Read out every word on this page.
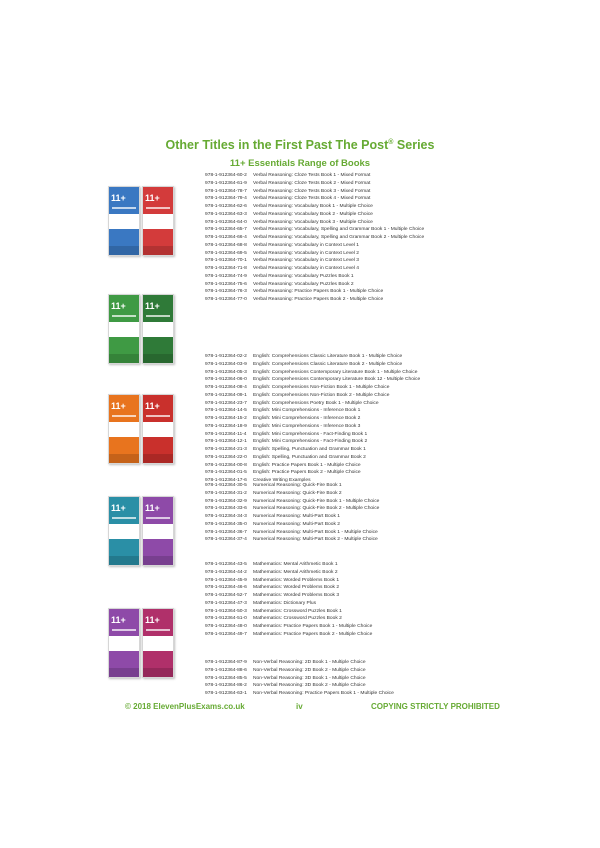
Other Titles in the First Past The Post® Series
11+ Essentials Range of Books
978-1-912364-60-2	Verbal Reasoning: Cloze Tests Book 1 - Mixed Format
978-1-912364-61-9	Verbal Reasoning: Cloze Tests Book 2 - Mixed Format
978-1-912364-78-7	Verbal Reasoning: Cloze Tests Book 3 - Mixed Format
978-1-912364-79-4	Verbal Reasoning: Cloze Tests Book 4 - Mixed Format
978-1-912364-62-6	Verbal Reasoning: Vocabulary Book 1 - Multiple Choice
978-1-912364-63-3	Verbal Reasoning: Vocabulary Book 2 - Multiple Choice
978-1-912364-64-0	Verbal Reasoning: Vocabulary Book 3 - Multiple Choice
978-1-912364-65-7	Verbal Reasoning: Vocabulary, Spelling and Grammar Book 1 - Multiple Choice
978-1-912364-66-4	Verbal Reasoning: Vocabulary, Spelling and Grammar Book 2 - Multiple Choice
978-1-912364-68-8	Verbal Reasoning: Vocabulary in Context Level 1
978-1-912364-69-5	Verbal Reasoning: Vocabulary in Context Level 2
978-1-912364-70-1	Verbal Reasoning: Vocabulary in Context Level 3
978-1-912364-71-8	Verbal Reasoning: Vocabulary in Context Level 4
978-1-912364-74-9	Verbal Reasoning: Vocabulary Puzzles Book 1
978-1-912364-75-6	Verbal Reasoning: Vocabulary Puzzles Book 2
978-1-912364-76-3	Verbal Reasoning: Practice Papers Book 1 - Multiple Choice
978-1-912364-77-0	Verbal Reasoning: Practice Papers Book 2 - Multiple Choice
978-1-912364-02-2	English: Comprehensions Classic Literature Book 1 - Multiple Choice
978-1-912364-03-9	English: Comprehensions Classic Literature Book 2 - Multiple Choice
978-1-912364-05-3	English: Comprehensions Contemporary Literature Book 1 - Multiple Choice
978-1-912364-06-0	English: Comprehensions Contemporary Literature Book 12 - Multiple Choice
978-1-912364-08-4	English: Comprehensions Non-Fiction Book 1 - Multiple Choice
978-1-912364-09-1	English: Comprehensions Non-Fiction Book 2 - Multiple Choice
978-1-912364-23-7	English: Comprehensions Poetry Book 1 - Multiple Choice
978-1-912364-14-5	English: Mini Comprehensions - Inference Book 1
978-1-912364-15-2	English: Mini Comprehensions - Inference Book 2
978-1-912364-18-9	English: Mini Comprehensions - Inference Book 3
978-1-912364-11-4	English: Mini Comprehensions - Fact-Finding Book 1
978-1-912364-12-1	English: Mini Comprehensions - Fact-Finding Book 2
978-1-912364-21-3	English: Spelling, Punctuation and Grammar Book 1
978-1-912364-22-0	English: Spelling, Punctuation and Grammar Book 2
978-1-912364-00-8	English: Practice Papers Book 1 - Multiple Choice
978-1-912364-01-5	English: Practice Papers Book 2 - Multiple Choice
978-1-912364-17-6	Creative Writing Examples
978-1-912364-30-5	Numerical Reasoning: Quick-Fire Book 1
978-1-912364-31-2	Numerical Reasoning: Quick-Fire Book 2
978-1-912364-32-9	Numerical Reasoning: Quick-Fire Book 1 - Multiple Choice
978-1-912364-33-6	Numerical Reasoning: Quick-Fire Book 2 - Multiple Choice
978-1-912364-34-3	Numerical Reasoning: Multi-Part Book 1
978-1-912364-35-0	Numerical Reasoning: Multi-Part Book 2
978-1-912364-36-7	Numerical Reasoning: Multi-Part Book 1 - Multiple Choice
978-1-912364-37-4	Numerical Reasoning: Multi-Part Book 2 - Multiple Choice
978-1-912364-43-5	Mathematics: Mental Arithmetic Book 1
978-1-912364-44-2	Mathematics: Mental Arithmetic Book 2
978-1-912364-45-9	Mathematics: Worded Problems Book 1
978-1-912364-46-6	Mathematics: Worded Problems Book 2
978-1-912364-52-7	Mathematics: Worded Problems Book 3
978-1-912364-47-3	Mathematics: Dictionary Plus
978-1-912364-50-3	Mathematics: Crossword Puzzles Book 1
978-1-912364-51-0	Mathematics: Crossword Puzzles Book 2
978-1-912364-48-0	Mathematics: Practice Papers Book 1 - Multiple Choice
978-1-912364-49-7	Mathematics: Practice Papers Book 2 - Multiple Choice
978-1-912364-87-9	Non-Verbal Reasoning: 2D Book 1 - Multiple Choice
978-1-912364-88-6	Non-Verbal Reasoning: 2D Book 2 - Multiple Choice
978-1-912364-85-5	Non-Verbal Reasoning: 3D Book 1 - Multiple Choice
978-1-912364-86-2	Non-Verbal Reasoning: 3D Book 2 - Multiple Choice
978-1-912364-63-1	Non-Verbal Reasoning: Practice Papers Book 1 - Multiple Choice
11+ 11+
11+ 11+
11+ 11+
11+ 11+
11+ 11+
© 2018 ElevenPlusExams.co.uk	iv	COPYING STRICTLY PROHIBITED
